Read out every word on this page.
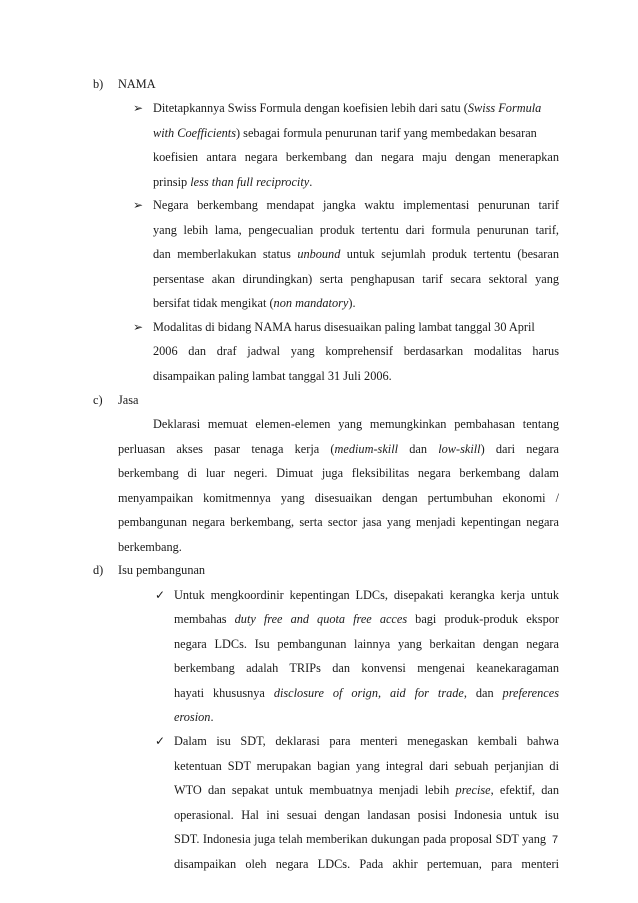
b) NAMA
➢ Ditetapkannya Swiss Formula dengan koefisien lebih dari satu (Swiss Formula

with Coefficients) sebagai formula penurunan tarif yang membedakan besaran

koefisien antara negara berkembang dan negara maju dengan menerapkan

prinsip less than full reciprocity.

➢ Negara berkembang mendapat jangka waktu implementasi penurunan tarif

yang lebih lama, pengecualian produk tertentu dari formula penurunan tarif,

dan memberlakukan status unbound untuk sejumlah produk tertentu (besaran

persentase akan dirundingkan) serta penghapusan tarif secara sektoral yang

bersifat tidak mengikat (non mandatory).

➢ Modalitas di bidang NAMA harus disesuaikan paling lambat tanggal 30 April

2006 dan draf jadwal yang komprehensif berdasarkan modalitas harus

disampaikan paling lambat tanggal 31 Juli 2006.

c) Jasa

Deklarasi memuat elemen-elemen yang memungkinkan pembahasan tentang

perluasan akses pasar tenaga kerja (medium-skill dan low-skill) dari negara

berkembang di luar negeri. Dimuat juga fleksibilitas negara berkembang dalam

menyampaikan komitmennya yang disesuaikan dengan pertumbuhan ekonomi /

pembangunan negara berkembang, serta sector jasa yang menjadi kepentingan negara

berkembang.

d) Isu pembangunan
✓ Untuk mengkoordinir kepentingan LDCs, disepakati kerangka kerja untuk

membahas duty free and quota free acces bagi produk-produk ekspor

negara LDCs. Isu pembangunan lainnya yang berkaitan dengan negara

berkembang adalah TRIPs dan konvensi mengenai keanekaragaman

hayati khususnya disclosure of orign, aid for trade, dan preferences

erosion.

✓ Dalam isu SDT, deklarasi para menteri menegaskan kembali bahwa

ketentuan SDT merupakan bagian yang integral dari sebuah perjanjian di

WTO dan sepakat untuk membuatnya menjadi lebih precise, efektif, dan

operasional. Hal ini sesuai dengan landasan posisi Indonesia untuk isu

SDT. Indonesia juga telah memberikan dukungan pada proposal SDT yang

disampaikan oleh negara LDCs. Pada akhir pertemuan, para menteri

7
